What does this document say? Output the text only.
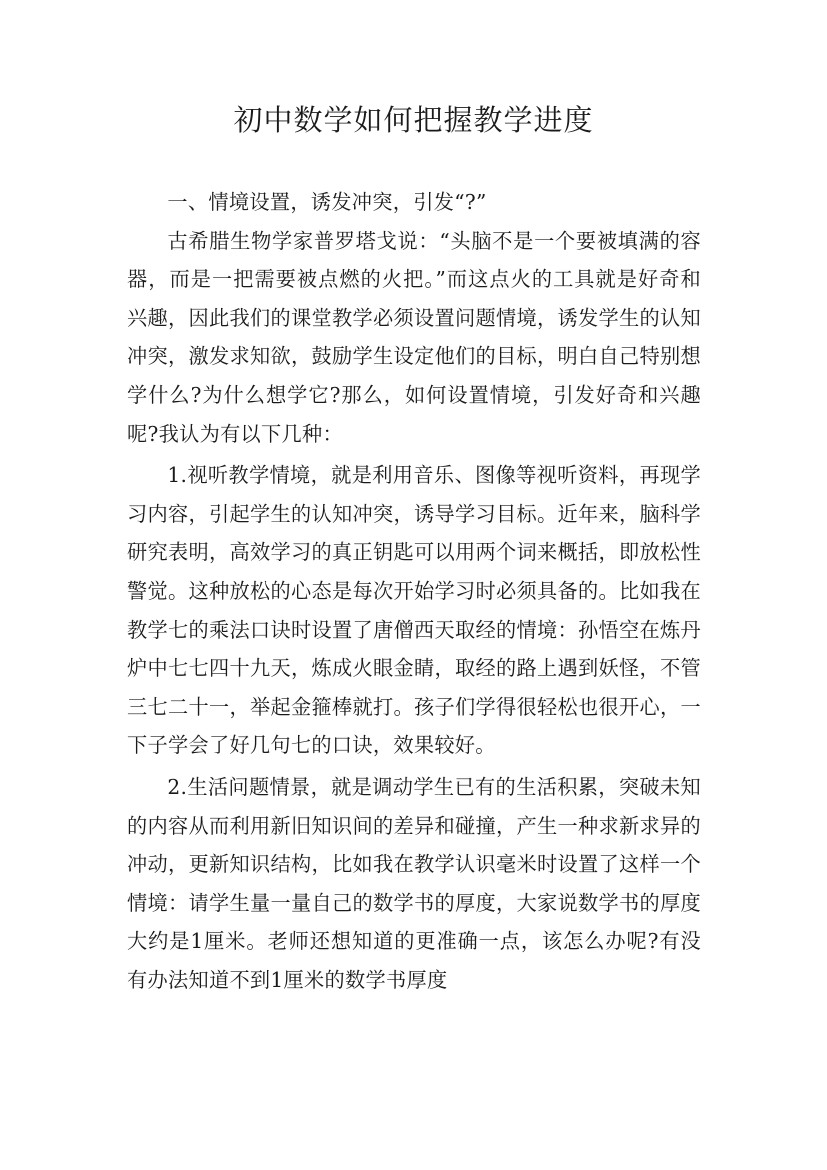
初中数学如何把握教学进度

一、情境设置，诱发冲突，引发“?”

古希腊生物学家普罗塔戈说：“头脑不是一个要被填满的容器，而是一把需要被点燃的火把。”而这点火的工具就是好奇和兴趣，因此我们的课堂教学必须设置问题情境，诱发学生的认知冲突，激发求知欲，鼓励学生设定他们的目标，明白自己特别想学什么?为什么想学它?那么，如何设置情境，引发好奇和兴趣呢?我认为有以下几种：

1.视听教学情境，就是利用音乐、图像等视听资料，再现学习内容，引起学生的认知冲突，诱导学习目标。近年来，脑科学研究表明，高效学习的真正钥匙可以用两个词来概括，即放松性警觉。这种放松的心态是每次开始学习时必须具备的。比如我在教学七的乘法口诀时设置了唐僧西天取经的情境：孙悟空在炼丹炉中七七四十九天，炼成火眼金睛，取经的路上遇到妖怪，不管三七二十一，举起金箍棒就打。孩子们学得很轻松也很开心，一下子学会了好几句七的口诀，效果较好。

2.生活问题情景，就是调动学生已有的生活积累，突破未知的内容从而利用新旧知识间的差异和碰撞，产生一种求新求异的冲动，更新知识结构，比如我在教学认识毫米时设置了这样一个情境：请学生量一量自己的数学书的厚度，大家说数学书的厚度大约是1厘米。老师还想知道的更准确一点，该怎么办呢?有没有办法知道不到1厘米的数学书厚度
